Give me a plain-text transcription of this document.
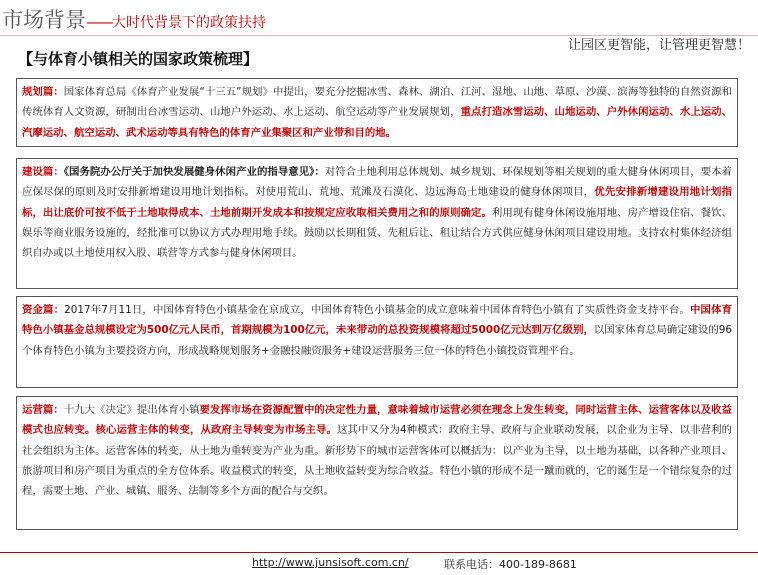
市场背景——大时代背景下的政策扶持
让园区更智能，让管理更智慧！
【与体育小镇相关的国家政策梳理】
规划篇：国家体育总局《体育产业发展“十三五”规划》中提出，要充分挖掘冰雪、森林、湖泊、江河、湿地、山地、草原、沙漠、滨海等独特的自然资源和传统体育人文资源，研制出台冰雪运动、山地户外运动、水上运动、航空运动等产业发展规划，重点打造冰雪运动、山地运动、户外休闲运动、水上运动、汽摩运动、航空运动、武术运动等具有特色的体育产业集聚区和产业带和目的地。
建设篇：《国务院办公厅关于加快发展健身休闲产业的指导意见》：对符合土地利用总体规划、城乡规划、环保规划等相关规划的重大健身休闲项目，要本着应保尽保的原则及时安排新增建设用地计划指标。对使用荒山、荒地、荒滩及石漠化、边远海岛土地建设的健身休闲项目，优先安排新增建设用地计划指标，出让底价可按不低于土地取得成本、土地前期开发成本和按规定应收取相关费用之和的原则确定。利用现有健身休闲设施用地、房产增设住宿、餐饮、娱乐等商业服务设施的，经批准可以协议方式办理用地手续。鼓励以长期租赁、先租后让、租让结合方式供应健身休闲项目建设用地。支持农村集体经济组织自办或以土地使用权入股、联营等方式参与健身休闲项目。
资金篇：2017年7月11日，中国体育特色小镇基金在京成立，中国体育特色小镇基金的成立意味着中国体育特色小镇有了实质性资金支持平台。中国体育特色小镇基金总规模设定为500亿元人民币，首期规模为100亿元，未来带动的总投资规模将超过5000亿元达到万亿级别，以国家体育总局确定建设的96个体育特色小镇为主要投资方向，形成战略规划服务+金融投融资服务+建设运营服务三位一体的特色小镇投资管理平台。
运营篇：十九大《决定》提出体育小镇要发挥市场在资源配置中的决定性力量，意味着城市运营必须在理念上发生转变，同时运营主体、运营客体以及收益模式也应转变。核心运营主体的转变，从政府主导转变为市场主导。这其中又分为4种模式：政府主导、政府与企业联动发展，以企业为主导、以非营利的社会组织为主体。运营客体的转变，从土地为重转变为产业为重。新形势下的城市运营客体可以概括为：以产业为主导，以土地为基础，以各种产业项目、旅游项目和房产项目为重点的全方位体系。收益模式的转变，从土地收益转变为综合收益。特色小镇的形成不是一蹴而就的，它的诞生是一个错综复杂的过程，需要土地、产业、城镇、服务、法制等多个方面的配合与交织。
http://www.junsisoft.com.cn/	联系电话：400-189-8681
